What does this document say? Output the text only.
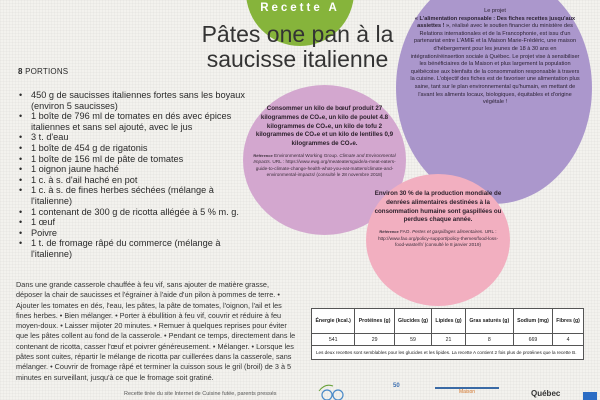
Recette A
Pâtes one pan à la saucisse italienne
8 PORTIONS
• 450 g de saucisses italiennes fortes sans les boyaux (environ 5 saucisses)
• 1 boîte de 796 ml de tomates en dés avec épices italiennes et sans sel ajouté, avec le jus
• 3 t. d'eau
• 1 boîte de 454 g de rigatonis
• 1 boîte de 156 ml de pâte de tomates
• 1 oignon jaune haché
• 1 c. à s. d'ail haché en pot
• 1 c. à s. de fines herbes séchées (mélange à l'italienne)
• 1 contenant de 300 g de ricotta allégée à 5 % m. g.
• 1 œuf
• Poivre
• 1 t. de fromage râpé du commerce (mélange à l'italienne)

Dans une grande casserole chauffée à feu vif, sans ajouter de matière grasse, déposer la chair de saucisses et l'égrainer à l'aide d'un pilon à pommes de terre. • Ajouter les tomates en dés, l'eau, les pâtes, la pâte de tomates, l'oignon, l'ail et les fines herbes. • Bien mélanger. • Porter à ébullition à feu vif, couvrir et réduire à feu moyen-doux. • Laisser mijoter 20 minutes. • Remuer à quelques reprises pour éviter que les pâtes collent au fond de la casserole. • Pendant ce temps, directement dans le contenant de ricotta, casser l'œuf et poivrer généreusement. • Mélanger. • Lorsque les pâtes sont cuites, répartir le mélange de ricotta par cuillerées dans la casserole, sans mélanger. • Couvrir de fromage râpé et terminer la cuisson sous le gril (broil) de 3 à 5 minutes en surveillant, jusqu'à ce que le fromage soit gratiné.

Recette tirée du site Internet de Cuisine futée, parents pressés
Le projet
« L'alimentation responsable : Des fiches recettes jusqu'aux assiettes ! », réalisé avec le soutien financier du ministère des Relations internationales et de la Francophonie, est issu d'un partenariat entre L'AMIE et la Maison Marie-Frédéric, une maison d'hébergement pour les jeunes de 18 à 30 ans en intégration/réinsertion sociale à Québec. Le projet vise à sensibiliser les bénéficiaires de la Maison et plus largement la population québécoise aux bienfaits de la consommation responsable à travers la cuisine. L'objectif des fiches est de favoriser une alimentation plus saine, tant sur le plan environnemental qu'humain, en mettant de l'avant les aliments locaux, biologiques, équitables et d'origine végétale !
Consommer un kilo de bœuf produit 27 kilogrammes de CO₂e, un kilo de poulet 4.8 kilogrammes de CO₂e, un kilo de tofu 2 kilogrammes de CO₂e et un kilo de lentilles 0,9 kilogrammes de CO₂e.
Référence Environmental Working Group. Climate and Environmental Impacts. URL : https://www.ewg.org/meateatersguide/a-meat-eaters-guide-to-climate-change-health-what-you-eat-matters/climate-and-environmental-impacts/ (consulté le 28 novembre 2018)
Environ 30 % de la production mondiale de denrées alimentaires destinées à la consommation humaine sont gaspillées ou perdues chaque année.
Référence FAO. Pertes et gaspillages alimentaires. URL : http://www.fao.org/policy-support/policy-themes/food-loss-food-waste/fr/ (consulté le 8 janvier 2019)
Énergie (kcal.)	Protéines (g)	Glucides (g)	Lipides (g)	Gras saturés (g)	Sodium (mg)	Fibres (g)
541	29	59	21	8	669	4
Les deux recettes sont semblables pour les glucides et les lipides. La recette A contient 2 fois plus de protéines que la recette B.						
50
Maison	Québec
